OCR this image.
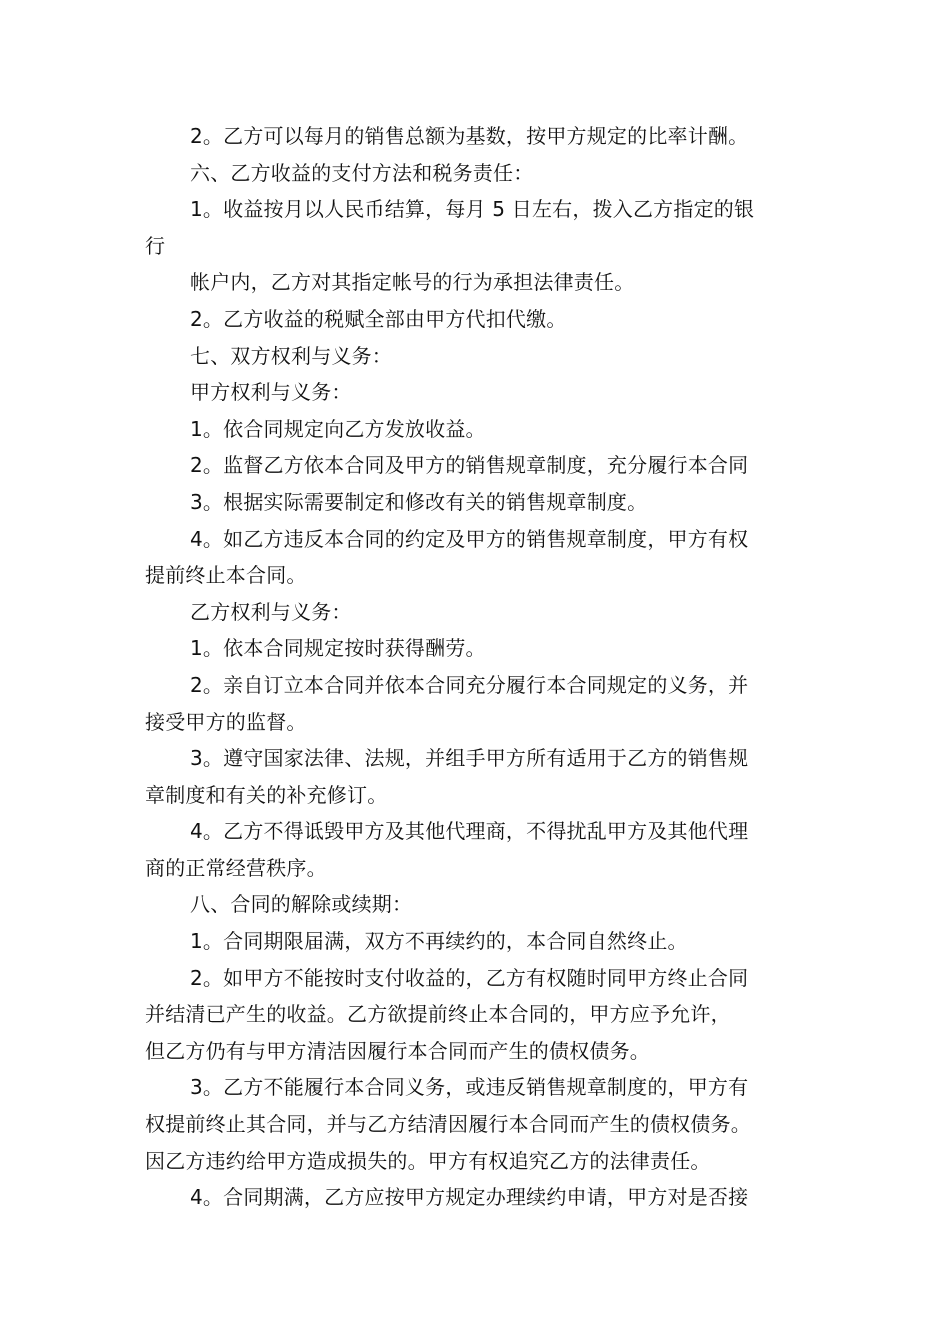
2。乙方可以每月的销售总额为基数，按甲方规定的比率计酬。
六、乙方收益的支付方法和税务责任：
1。收益按月以人民币结算，每月 5 日左右，拨入乙方指定的银
行
帐户内，乙方对其指定帐号的行为承担法律责任。
2。乙方收益的税赋全部由甲方代扣代缴。
七、双方权利与义务：
甲方权利与义务：
1。依合同规定向乙方发放收益。
2。监督乙方依本合同及甲方的销售规章制度，充分履行本合同
3。根据实际需要制定和修改有关的销售规章制度。
4。如乙方违反本合同的约定及甲方的销售规章制度，甲方有权
提前终止本合同。
乙方权利与义务：
1。依本合同规定按时获得酬劳。
2。亲自订立本合同并依本合同充分履行本合同规定的义务，并
接受甲方的监督。
3。遵守国家法律、法规，并组手甲方所有适用于乙方的销售规
章制度和有关的补充修订。
4。乙方不得诋毁甲方及其他代理商，不得扰乱甲方及其他代理
商的正常经营秩序。
八、合同的解除或续期：
1。合同期限届满，双方不再续约的，本合同自然终止。
2。如甲方不能按时支付收益的，乙方有权随时同甲方终止合同
并结清已产生的收益。乙方欲提前终止本合同的，甲方应予允许，
但乙方仍有与甲方清洁因履行本合同而产生的债权债务。
3。乙方不能履行本合同义务，或违反销售规章制度的，甲方有
权提前终止其合同，并与乙方结清因履行本合同而产生的债权债务。
因乙方违约给甲方造成损失的。甲方有权追究乙方的法律责任。
4。合同期满，乙方应按甲方规定办理续约申请，甲方对是否接
